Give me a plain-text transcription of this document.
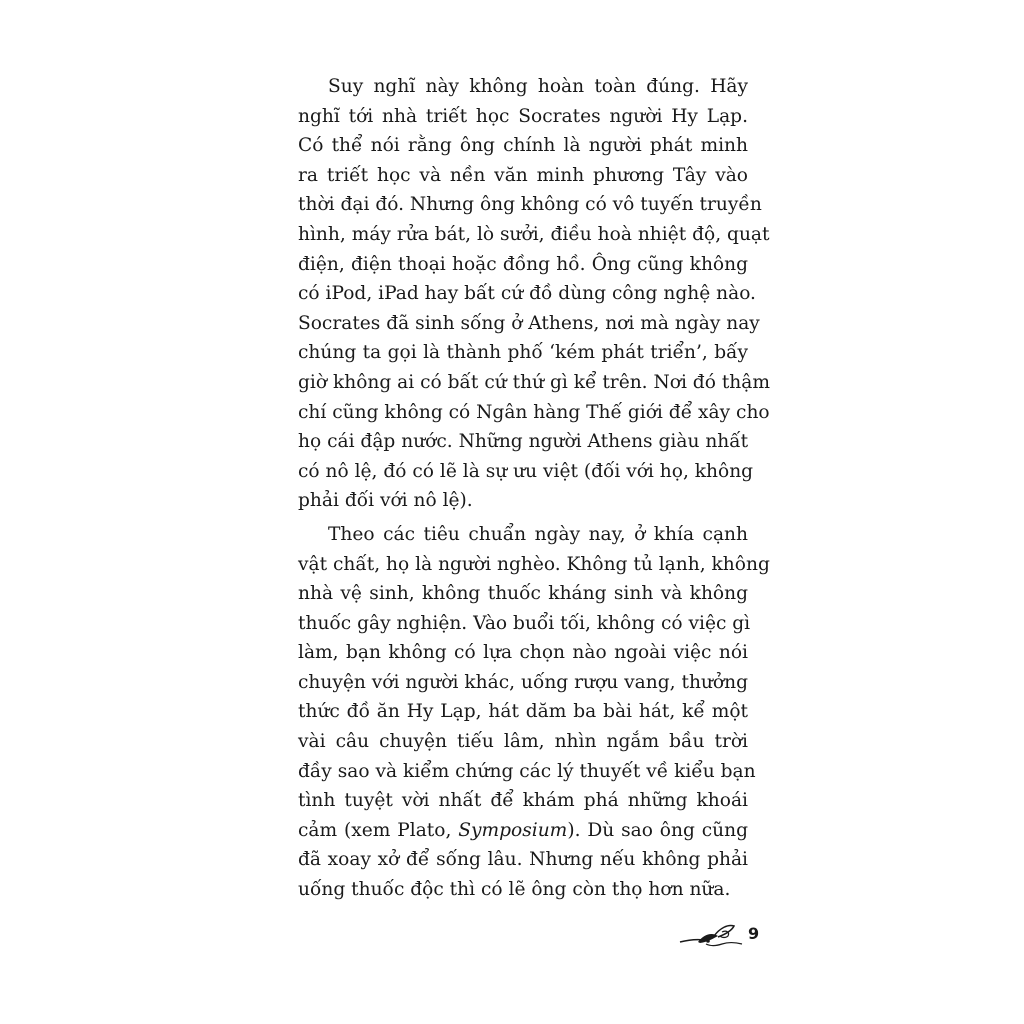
Suy nghĩ này không hoàn toàn đúng. Hãy
nghĩ tới nhà triết học Socrates người Hy Lạp.
Có thể nói rằng ông chính là người phát minh
ra triết học và nền văn minh phương Tây vào
thời đại đó. Nhưng ông không có vô tuyến truyền
hình, máy rửa bát, lò sưởi, điều hoà nhiệt độ, quạt
điện, điện thoại hoặc đồng hồ. Ông cũng không
có iPod, iPad hay bất cứ đồ dùng công nghệ nào.
Socrates đã sinh sống ở Athens, nơi mà ngày nay
chúng ta gọi là thành phố ‘kém phát triển’, bấy
giờ không ai có bất cứ thứ gì kể trên. Nơi đó thậm
chí cũng không có Ngân hàng Thế giới để xây cho
họ cái đập nước. Những người Athens giàu nhất
có nô lệ, đó có lẽ là sự ưu việt (đối với họ, không
phải đối với nô lệ).
Theo các tiêu chuẩn ngày nay, ở khía cạnh
vật chất, họ là người nghèo. Không tủ lạnh, không
nhà vệ sinh, không thuốc kháng sinh và không
thuốc gây nghiện. Vào buổi tối, không có việc gì
làm, bạn không có lựa chọn nào ngoài việc nói
chuyện với người khác, uống rượu vang, thưởng
thức đồ ăn Hy Lạp, hát dăm ba bài hát, kể một
vài câu chuyện tiếu lâm, nhìn ngắm bầu trời
đầy sao và kiểm chứng các lý thuyết về kiểu bạn
tình tuyệt vời nhất để khám phá những khoái
cảm (xem Plato, Symposium). Dù sao ông cũng
đã xoay xở để sống lâu. Nhưng nếu không phải
uống thuốc độc thì có lẽ ông còn thọ hơn nữa.
9
